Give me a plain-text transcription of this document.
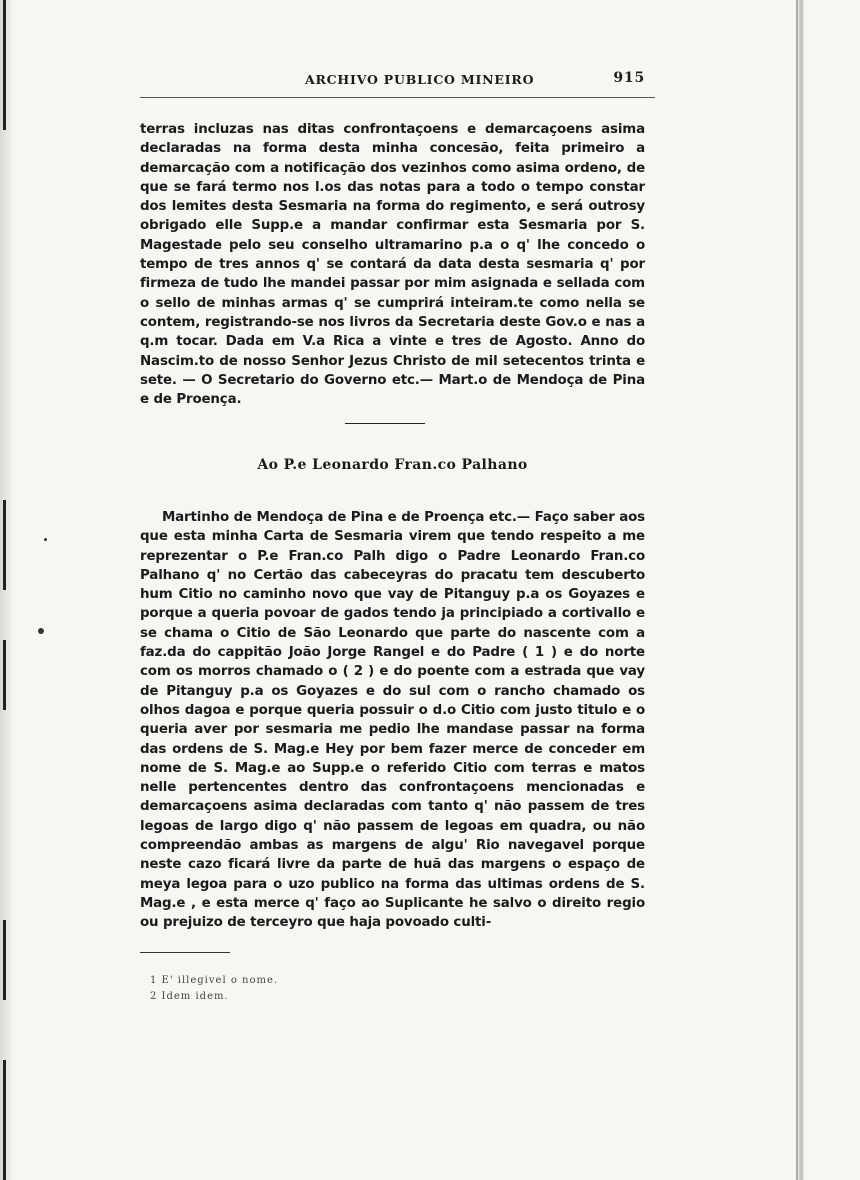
ARCHIVO PUBLICO MINEIRO	915
terras incluzas nas ditas confrontaçoens e demarcaçoens asima declaradas na forma desta minha concesão, feita primeiro a demarcação com a notificação dos vezinhos como asima ordeno, de que se fará termo nos l.os das notas para a todo o tempo constar dos lemites desta Sesmaria na forma do regimento, e será outrosy obrigado elle Supp.e a mandar confirmar esta Sesmaria por S. Magestade pelo seu conselho ultramarino p.a o q' lhe concedo o tempo de tres annos q' se contará da data desta sesmaria q' por firmeza de tudo lhe mandei passar por mim asignada e sellada com o sello de minhas armas q' se cumprirá inteiram.te como nella se contem, registrando-se nos livros da Secretaria deste Gov.o e nas a q.m tocar. Dada em V.a Rica a vinte e tres de Agosto. Anno do Nascim.to de nosso Senhor Jezus Christo de mil setecentos trinta e sete. — O Secretario do Governo etc.— Mart.o de Mendoça de Pina e de Proença.
Ao P.e Leonardo Fran.co Palhano
Martinho de Mendoça de Pina e de Proença etc.— Faço saber aos que esta minha Carta de Sesmaria virem que tendo respeito a me reprezentar o P.e Fran.co Palh digo o Padre Leonardo Fran.co Palhano q' no Certão das cabeceyras do pracatu tem descuberto hum Citio no caminho novo que vay de Pitanguy p.a os Goyazes e porque a queria povoar de gados tendo ja principiado a cortivallo e se chama o Citio de São Leonardo que parte do nascente com a faz.da do cappitão João Jorge Rangel e do Padre ( 1 ) e do norte com os morros chamado o ( 2 ) e do poente com a estrada que vay de Pitanguy p.a os Goyazes e do sul com o rancho chamado os olhos dagoa e porque queria possuir o d.o Citio com justo titulo e o queria aver por sesmaria me pedio lhe mandase passar na forma das ordens de S. Mag.e Hey por bem fazer merce de conceder em nome de S. Mag.e ao Supp.e o referido Citio com terras e matos nelle pertencentes dentro das confrontaçoens mencionadas e demarcaçoens asima declaradas com tanto q' não passem de tres legoas de largo digo q' não passem de legoas em quadra, ou não compreendão ambas as margens de algu' Rio navegavel porque neste cazo ficará livre da parte de huã das margens o espaço de meya legoa para o uzo publico na forma das ultimas ordens de S. Mag.e , e esta merce q' faço ao Suplicante he salvo o direito regio ou prejuizo de terceyro que haja povoado culti-
1 E' illegivel o nome.
2 Idem idem.
